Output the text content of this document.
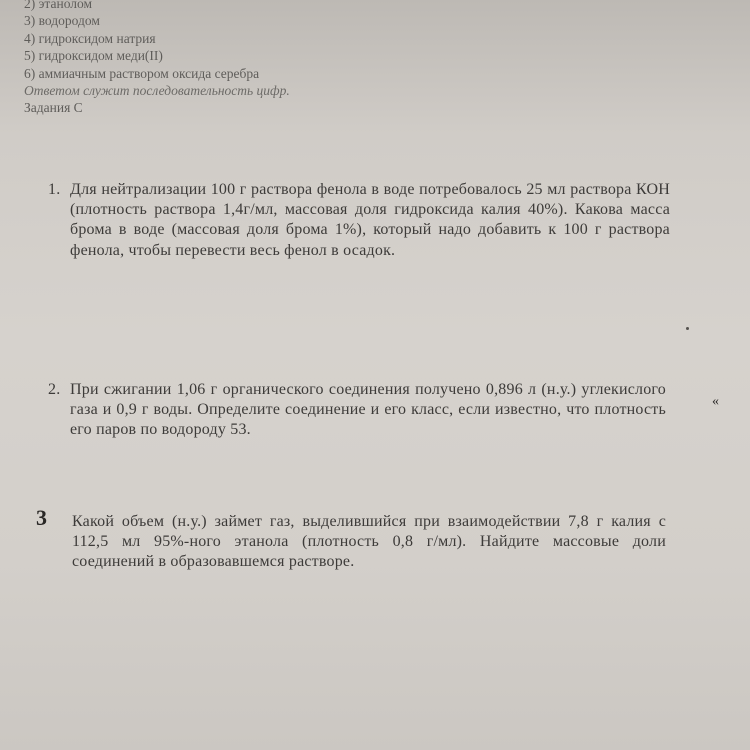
2) этанолом
3) водородом
4) гидроксидом натрия
5) гидроксидом меди(II)
6) аммиачным раствором оксида серебра
Ответом служит последовательность цифр.
Задания С
1. Для нейтрализации 100 г раствора фенола в воде потребовалось 25 мл раствора КОН (плотность раствора 1,4г/мл, массовая доля гидроксида калия 40%). Какова масса брома в воде (массовая доля брома 1%), который надо добавить к 100 г раствора фенола, чтобы перевести весь фенол в осадок.
2. При сжигании 1,06 г органического соединения получено 0,896 л (н.у.) углекислого газа и 0,9 г воды. Определите соединение и его класс, если известно, что плотность его паров по водороду 53.
3 Какой объем (н.у.) займет газ, выделившийся при взаимодействии 7,8 г калия с 112,5 мл 95%-ного этанола (плотность 0,8 г/мл). Найдите массовые доли соединений в образовавшемся растворе.
«
